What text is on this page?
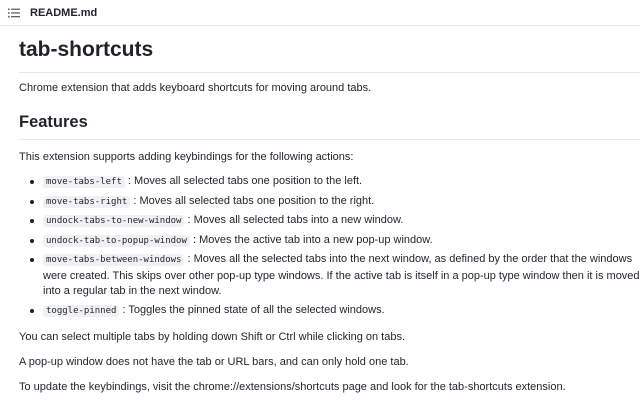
README.md
tab-shortcuts

Chrome extension that adds keyboard shortcuts for moving around tabs.

Features

This extension supports adding keybindings for the following actions:

move-tabs-left : Moves all selected tabs one position to the left.
move-tabs-right : Moves all selected tabs one position to the right.
undock-tabs-to-new-window : Moves all selected tabs into a new window.
undock-tab-to-popup-window : Moves the active tab into a new pop-up window.
move-tabs-between-windows : Moves all the selected tabs into the next window, as defined by the order that the windows were created. This skips over other pop-up type windows. If the active tab is itself in a pop-up type window then it is moved into a regular tab in the next window.
toggle-pinned : Toggles the pinned state of all the selected windows.

You can select multiple tabs by holding down Shift or Ctrl while clicking on tabs.

A pop-up window does not have the tab or URL bars, and can only hold one tab.

To update the keybindings, visit the chrome://extensions/shortcuts page and look for the tab-shortcuts extension.
